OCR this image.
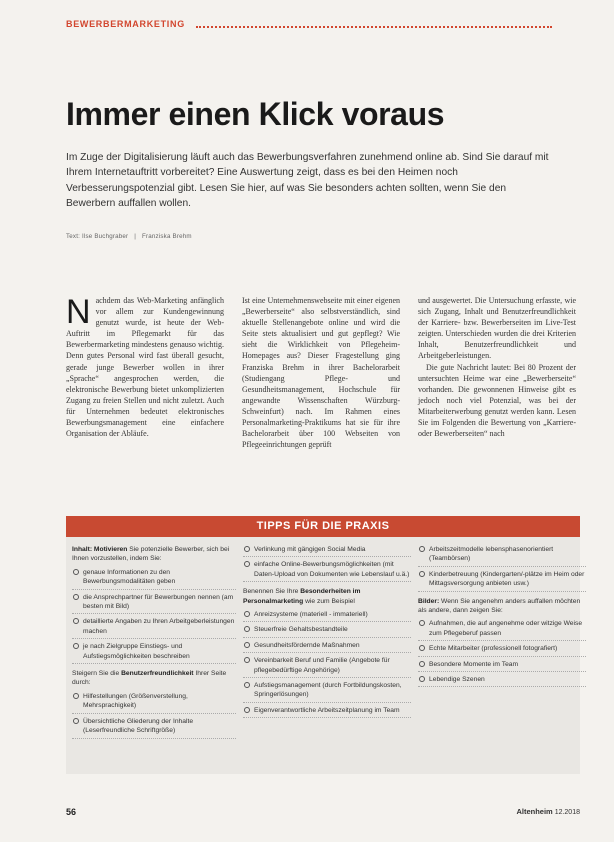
BEWERBERMARKETING
Immer einen Klick voraus

Im Zuge der Digitalisierung läuft auch das Bewerbungsverfahren zunehmend online ab. Sind Sie darauf mit Ihrem Internetauftritt vorbereitet? Eine Auswertung zeigt, dass es bei den Heimen noch Verbesserungspotenzial gibt. Lesen Sie hier, auf was Sie besonders achten sollten, wenn Sie den Bewerbern auffallen wollen.

Text: Ilse Buchgraber | Franziska Brehm

N achdem das Web-Marketing anfänglich vor allem zur Kundengewinnung genutzt wurde, ist heute der Web-Auftritt im Pflegemarkt für das Bewerbermarketing mindestens genauso wichtig. Denn gutes Personal wird fast überall gesucht, gerade junge Bewerber wollen in ihrer „Sprache“ angesprochen werden, die elektronische Bewerbung bietet unkomplizierten Zugang zu freien Stellen und nicht zuletzt. Auch für Unternehmen bedeutet elektronisches Bewerbungsmanagement eine einfachere Organisation der Abläufe.

Ist eine Unternehmenswebseite mit einer eigenen „Bewerberseite“ also selbstverständlich, sind aktuelle Stellenangebote online und wird die Seite stets aktualisiert und gut gepflegt? Wie sieht die Wirklichkeit von Pflegeheim-Homepages aus? Dieser Fragestellung ging Franziska Brehm in ihrer Bachelorarbeit (Studiengang Pflege- und Gesundheitsmanagement, Hochschule für angewandte Wissenschaften Würzburg-Schweinfurt) nach. Im Rahmen eines Personalmarketing-Praktikums hat sie für ihre Bachelorarbeit über 100 Webseiten von Pflegeeinrichtungen geprüft

und ausgewertet. Die Untersuchung erfasste, wie sich Zugang, Inhalt und Benutzerfreundlichkeit der Karriere- bzw. Bewerberseiten im Live-Test zeigten. Unterschieden wurden die drei Kriterien Inhalt, Benutzerfreundlichkeit und Arbeitgeberleistungen.
Die gute Nachricht lautet: Bei 80 Prozent der untersuchten Heime war eine „Bewerberseite“ vorhanden. Die gewonnenen Hinweise gibt es jedoch noch viel Potenzial, was bei der Mitarbeiterwerbung genutzt werden kann. Lesen Sie im Folgenden die Bewertung von „Karriere- oder Bewerberseiten“ nach
TIPPS FÜR DIE PRAXIS

Inhalt: Motivieren Sie potenzielle Bewerber, sich bei Ihnen vorzustellen, indem Sie:

genaue Informationen zu den Bewerbungsmodalitäten geben
die Ansprechpartner für Bewerbungen nennen (am besten mit Bild)
detaillierte Angaben zu Ihren Arbeitgeberleistungen machen
je nach Zielgruppe Einstiegs- und Aufstiegsmöglichkeiten beschreiben

Steigern Sie die Benutzerfreundlichkeit Ihrer Seite durch:

Hilfestellungen (Größenverstellung, Mehrsprachigkeit)
Übersichtliche Gliederung der Inhalte (Leserfreundliche Schriftgröße)
Verlinkung mit gängigen Social Media
einfache Online-Bewerbungsmöglichkeiten (mit Daten-Upload von Dokumenten wie Lebenslauf u.ä.)

Benennen Sie Ihre Besonderheiten im Personalmarketing wie zum Beispiel

Anreizsysteme (materiell - immateriell)
Steuerfreie Gehaltsbestandteile
Gesundheitsfördernde Maßnahmen
Vereinbarkeit Beruf und Familie (Angebote für pflegebedürftige Angehörige)
Aufstiegsmanagement (durch Fortbildungskosten, Springerlösungen)
Eigenverantwortliche Arbeitszeitplanung im Team
Arbeitszeitmodelle lebensphasenorientiert (Teambörsen)
Kinderbetreuung (Kindergarten/-plätze im Heim oder Mittagsversorgung anbieten usw.)

Bilder: Wenn Sie angenehm anders auffallen möchten als andere, dann zeigen Sie:

Aufnahmen, die auf angenehme oder witzige Weise zum Pflegeberuf passen
Echte Mitarbeiter (professionell fotografiert)
Besondere Momente im Team
Lebendige Szenen
56	Altenheim 12.2018
